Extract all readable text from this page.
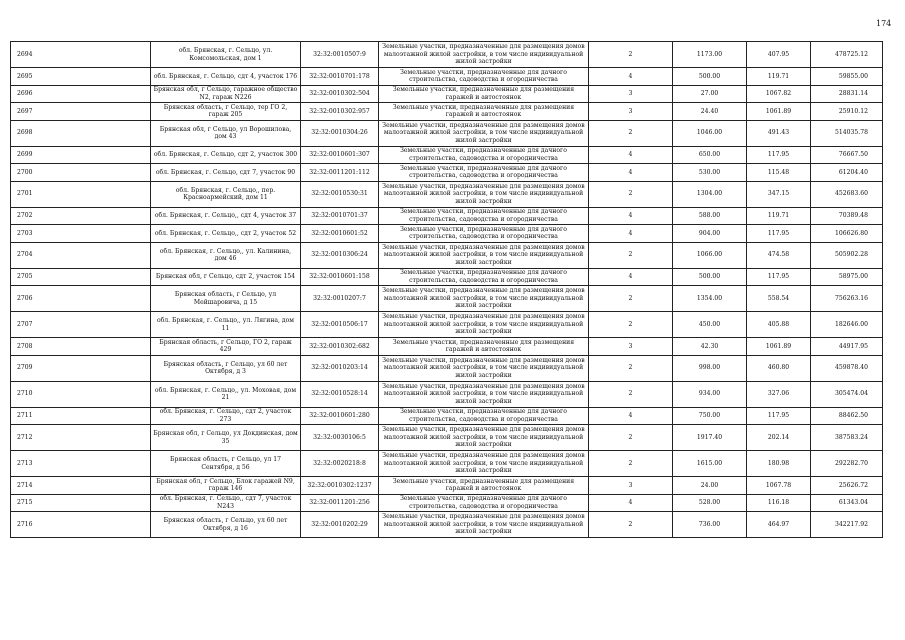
174
2694	обл. Брянская, г. Сельцо, ул. Комсомольская, дом 1	32:32:0010507:9	Земельные участки, предназначенные для размещения домов малоэтажной жилой застройки, в том числе индивидуальной жилой застройки	2	1173.00	407.95	478725.12
2695	обл. Брянская, г. Сельцо, сдт 4, участок 176	32:32:0010701:178	Земельные участки, предназначенные для дачного строительства, садоводства и огородничества	4	500.00	119.71	59855.00
2696	Брянская обл, г Сельцо, гаражное общество N2, гараж N226	32:32:0010302:504	Земельные участки, предназначенные для размещения гаражей и автостоянок	3	27.00	1067.82	28831.14
2697	Брянская область, г Сельцо, тер ГО 2, гараж 205	32:32:0010302:957	Земельные участки, предназначенные для размещения гаражей и автостоянок	3	24.40	1061.89	25910.12
2698	Брянская обл, г Сельцо, ул Ворошилова, дом 43	32:32:0010304:26	Земельные участки, предназначенные для размещения домов малоэтажной жилой застройки, в том числе индивидуальной жилой застройки	2	1046.00	491.43	514035.78
2699	обл. Брянская, г. Сельцо, сдт 2, участок 300	32:32:0010601:307	Земельные участки, предназначенные для дачного строительства, садоводства и огородничества	4	650.00	117.95	76667.50
2700	обл. Брянская, г. Сельцо, сдт 7, участок 90	32:32:0011201:112	Земельные участки, предназначенные для дачного строительства, садоводства и огородничества	4	530.00	115.48	61204.40
2701	обл. Брянская, г. Сельцо,, пер. Красноармейский, дом 11	32:32:0010530:31	Земельные участки, предназначенные для размещения домов малоэтажной жилой застройки, в том числе индивидуальной жилой застройки	2	1304.00	347.15	452683.60
2702	обл. Брянская, г. Сельцо,, сдт 4, участок 37	32:32:0010701:37	Земельные участки, предназначенные для дачного строительства, садоводства и огородничества	4	588.00	119.71	70389.48
2703	обл. Брянская, г. Сельцо,, сдт 2, участок 52	32:32:0010601:52	Земельные участки, предназначенные для дачного строительства, садоводства и огородничества	4	904.00	117.95	106626.80
2704	обл. Брянская, г. Сельцо,, ул. Калинина, дом 46	32:32:0010306:24	Земельные участки, предназначенные для размещения домов малоэтажной жилой застройки, в том числе индивидуальной жилой застройки	2	1066.00	474.58	505902.28
2705	Брянская обл, г Сельцо, сдт 2, участок 154	32:32:0010601:158	Земельные участки, предназначенные для дачного строительства, садоводства и огородничества	4	500.00	117.95	58975.00
2706	Брянская область, г Сельцо, ул Мейшаровича, д 15	32:32:0010207:7	Земельные участки, предназначенные для размещения домов малоэтажной жилой застройки, в том числе индивидуальной жилой застройки	2	1354.00	558.54	756263.16
2707	обл. Брянская, г. Сельцо,, ул. Лягина, дом 11	32:32:0010506:17	Земельные участки, предназначенные для размещения домов малоэтажной жилой застройки, в том числе индивидуальной жилой застройки	2	450.00	405.88	182646.00
2708	Брянская область, г Сельцо, ГО 2, гараж 429	32:32:0010302:682	Земельные участки, предназначенные для размещения гаражей и автостоянок	3	42.30	1061.89	44917.95
2709	Брянская область, г Сельцо, ул 60 лет Октября, д 3	32:32:0010203:14	Земельные участки, предназначенные для размещения домов малоэтажной жилой застройки, в том числе индивидуальной жилой застройки	2	998.00	460.80	459878.40
2710	обл. Брянская, г. Сельцо,, ул. Моховая, дом 21	32:32:0010528:14	Земельные участки, предназначенные для размещения домов малоэтажной жилой застройки, в том числе индивидуальной жилой застройки	2	934.00	327.06	305474.04
2711	обл. Брянская, г. Сельцо,, сдт 2, участок 273	32:32:0010601:280	Земельные участки, предназначенные для дачного строительства, садоводства и огородничества	4	750.00	117.95	88462.50
2712	Брянская обл, г Сельцо, ул Докдинская, дом 35	32:32:0030106:5	Земельные участки, предназначенные для размещения домов малоэтажной жилой застройки, в том числе индивидуальной жилой застройки	2	1917.40	202.14	387583.24
2713	Брянская область, г Сельцо, ул 17 Сентября, д 56	32:32:0020218:8	Земельные участки, предназначенные для размещения домов малоэтажной жилой застройки, в том числе индивидуальной жилой застройки	2	1615.00	180.98	292282.70
2714	Брянская обл, г Сельцо, Блок гаражей N9, гараж 146	32:32:0010302:1237	Земельные участки, предназначенные для размещения гаражей и автостоянок	3	24.00	1067.78	25626.72
2715	обл. Брянская, г. Сельцо,, сдт 7, участок N243	32:32:0011201:256	Земельные участки, предназначенные для дачного строительства, садоводства и огородничества	4	528.00	116.18	61343.04
2716	Брянская область, г Сельцо, ул 60 лет Октября, д 16	32:32:0010202:29	Земельные участки, предназначенные для размещения домов малоэтажной жилой застройки, в том числе индивидуальной жилой застройки	2	736.00	464.97	342217.92
